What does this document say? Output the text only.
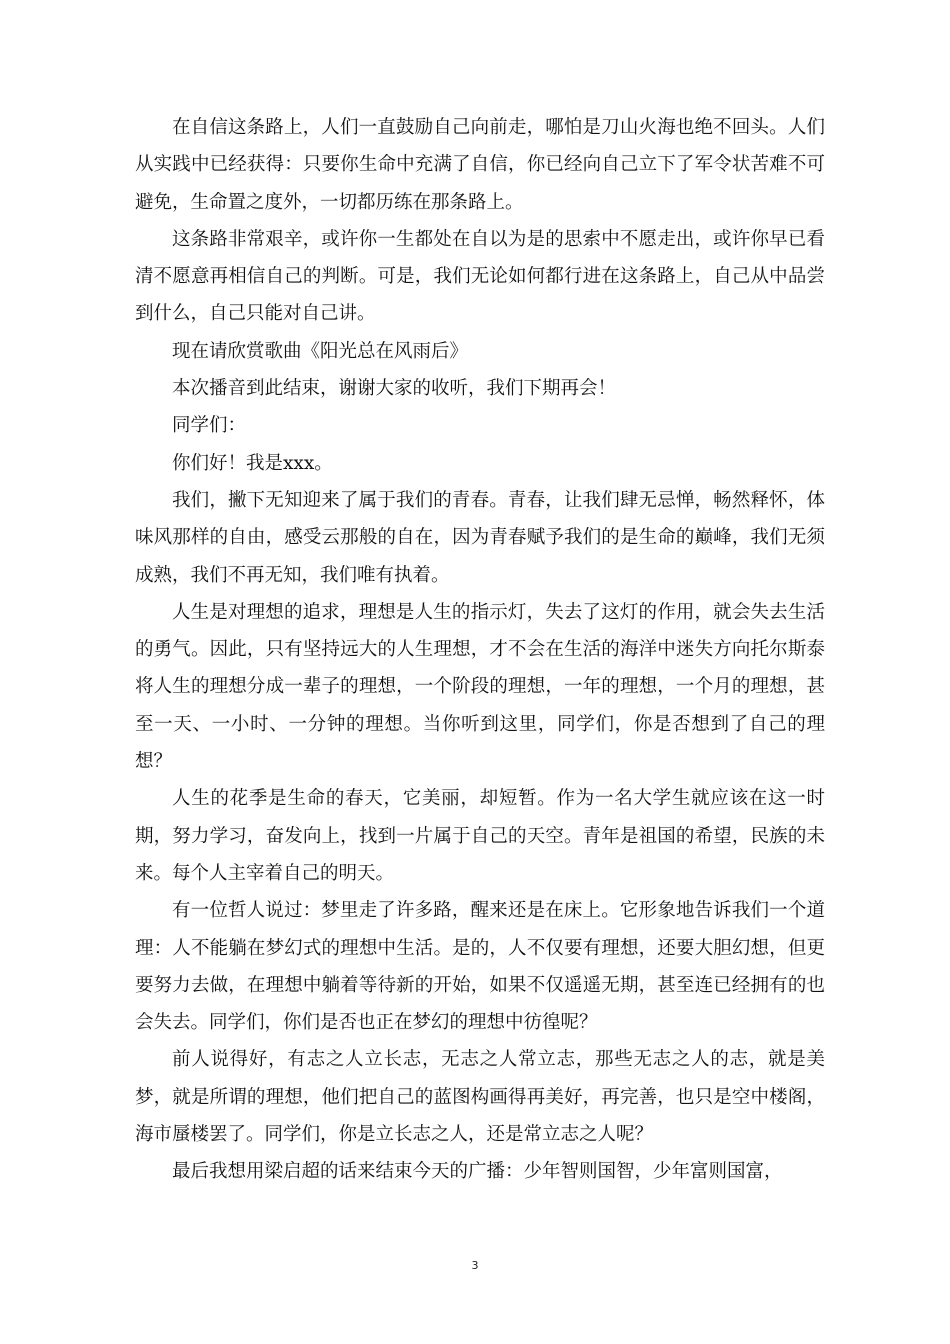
在自信这条路上，人们一直鼓励自己向前走，哪怕是刀山火海也绝不回头。人们从实践中已经获得：只要你生命中充满了自信，你已经向自己立下了军令状苦难不可避免，生命置之度外，一切都历练在那条路上。

这条路非常艰辛，或许你一生都处在自以为是的思索中不愿走出，或许你早已看清不愿意再相信自己的判断。可是，我们无论如何都行进在这条路上，自己从中品尝到什么，自己只能对自己讲。

现在请欣赏歌曲《阳光总在风雨后》

本次播音到此结束，谢谢大家的收听，我们下期再会！

同学们：

你们好！我是xxx。

我们，撇下无知迎来了属于我们的青春。青春，让我们肆无忌惮，畅然释怀，体味风那样的自由，感受云那般的自在，因为青春赋予我们的是生命的巅峰，我们无须成熟，我们不再无知，我们唯有执着。

人生是对理想的追求，理想是人生的指示灯，失去了这灯的作用，就会失去生活的勇气。因此，只有坚持远大的人生理想，才不会在生活的海洋中迷失方向托尔斯泰将人生的理想分成一辈子的理想，一个阶段的理想，一年的理想，一个月的理想，甚至一天、一小时、一分钟的理想。当你听到这里，同学们，你是否想到了自己的理想？

人生的花季是生命的春天，它美丽，却短暂。作为一名大学生就应该在这一时期，努力学习，奋发向上，找到一片属于自己的天空。青年是祖国的希望，民族的未来。每个人主宰着自己的明天。

有一位哲人说过：梦里走了许多路，醒来还是在床上。它形象地告诉我们一个道理：人不能躺在梦幻式的理想中生活。是的，人不仅要有理想，还要大胆幻想，但更要努力去做，在理想中躺着等待新的开始，如果不仅遥遥无期，甚至连已经拥有的也会失去。同学们，你们是否也正在梦幻的理想中彷徨呢？

前人说得好，有志之人立长志，无志之人常立志，那些无志之人的志，就是美梦，就是所谓的理想，他们把自己的蓝图构画得再美好，再完善，也只是空中楼阁，海市蜃楼罢了。同学们，你是立长志之人，还是常立志之人呢？

最后我想用梁启超的话来结束今天的广播：少年智则国智，少年富则国富，

3
